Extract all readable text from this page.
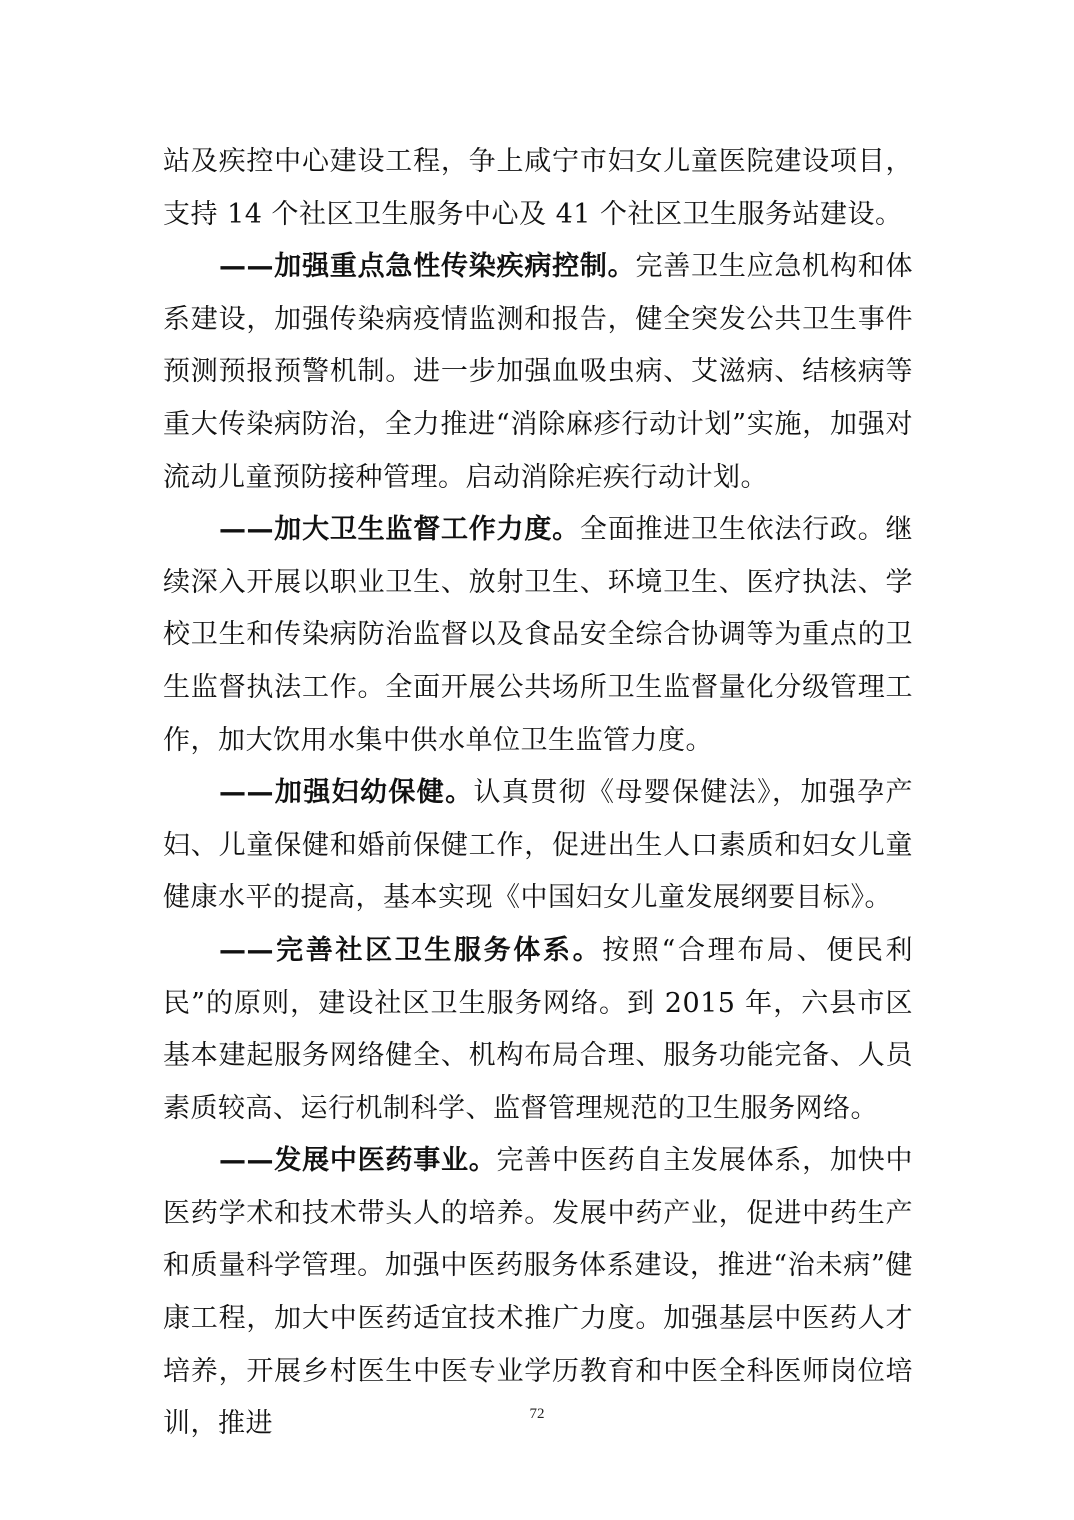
站及疾控中心建设工程，争上咸宁市妇女儿童医院建设项目，支持 14 个社区卫生服务中心及 41 个社区卫生服务站建设。

——加强重点急性传染疾病控制。完善卫生应急机构和体系建设，加强传染病疫情监测和报告，健全突发公共卫生事件预测预报预警机制。进一步加强血吸虫病、艾滋病、结核病等重大传染病防治，全力推进“消除麻疹行动计划”实施，加强对流动儿童预防接种管理。启动消除疟疾行动计划。

——加大卫生监督工作力度。全面推进卫生依法行政。继续深入开展以职业卫生、放射卫生、环境卫生、医疗执法、学校卫生和传染病防治监督以及食品安全综合协调等为重点的卫生监督执法工作。全面开展公共场所卫生监督量化分级管理工作，加大饮用水集中供水单位卫生监管力度。

——加强妇幼保健。认真贯彻《母婴保健法》，加强孕产妇、儿童保健和婚前保健工作，促进出生人口素质和妇女儿童健康水平的提高，基本实现《中国妇女儿童发展纲要目标》。

——完善社区卫生服务体系。按照“合理布局、便民利民”的原则，建设社区卫生服务网络。到 2015 年，六县市区基本建起服务网络健全、机构布局合理、服务功能完备、人员素质较高、运行机制科学、监督管理规范的卫生服务网络。

——发展中医药事业。完善中医药自主发展体系，加快中医药学术和技术带头人的培养。发展中药产业，促进中药生产和质量科学管理。加强中医药服务体系建设，推进“治未病”健康工程，加大中医药适宜技术推广力度。加强基层中医药人才培养，开展乡村医生中医专业学历教育和中医全科医师岗位培训，推进	72
